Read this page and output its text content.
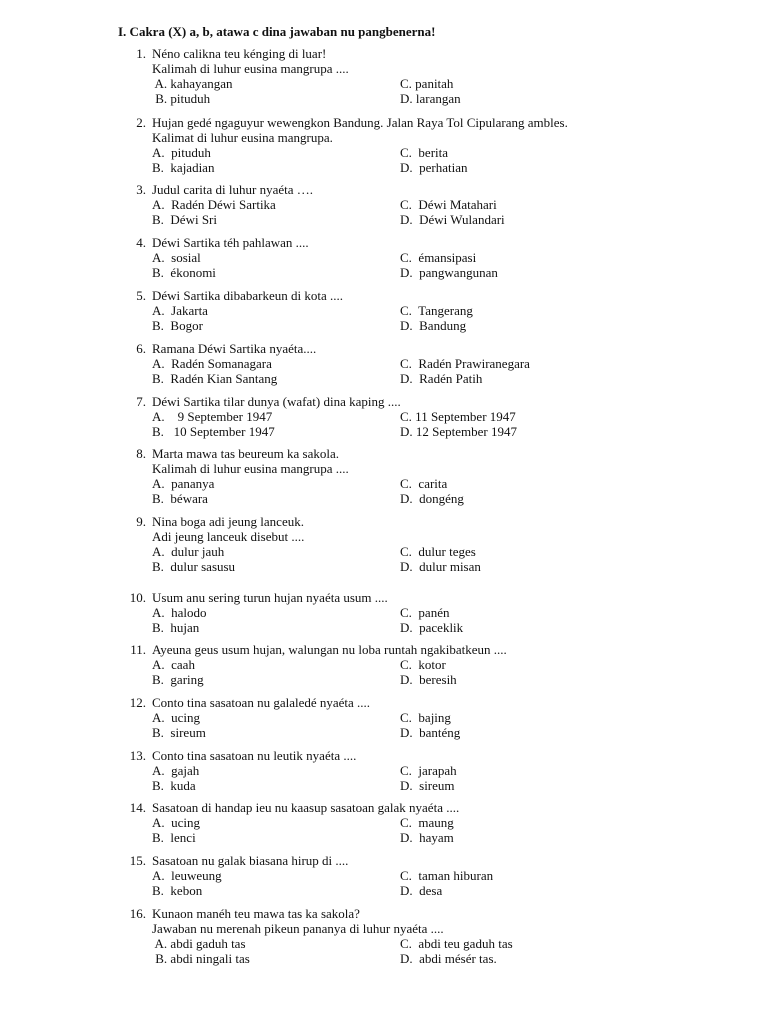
I. Cakra (X) a, b, atawa c dina jawaban nu pangbenerna!
1. Néno calikna teu kénging di luar!
Kalimah di luhur eusina mangrupa ....
A. kahayangan	C. panitah
B. pituduh	D. larangan
2. Hujan gedé ngaguyur wewengkon Bandung. Jalan Raya Tol Cipularang ambles.
Kalimat di luhur eusina mangrupa.
A.  pituduh	C.  berita
B.  kajadian	D.  perhatian
3. Judul carita di luhur nyaéta ….
A.  Radén Déwi Sartika	C.  Déwi Matahari
B.  Déwi Sri	D.  Déwi Wulandari
4. Déwi Sartika téh pahlawan ....
A.  sosial	C.  émansipasi
B.  ékonomi	D.  pangwangunan
5. Déwi Sartika dibabarkeun di kota ....
A.  Jakarta	C.  Tangerang
B.  Bogor	D.  Bandung
6. Ramana Déwi Sartika nyaéta....
A.  Radén Somanagara	C.  Radén Prawiranegara
B.  Radén Kian Santang	D.  Radén Patih
7. Déwi Sartika tilar dunya (wafat) dina kaping ....
A.    9 September 1947	C. 11 September 1947
B.   10 September 1947	D. 12 September 1947
8. Marta mawa tas beureum ka sakola.
Kalimah di luhur eusina mangrupa ....
A.  pananya	C.  carita
B.  béwara	D.  dongéng
9. Nina boga adi jeung lanceuk.
Adi jeung lanceuk disebut ....
A.  dulur jauh	C.  dulur teges
B.  dulur sasusu	D.  dulur misan
10. Usum anu sering turun hujan nyaéta usum ....
A.  halodo	C.  panén
B.  hujan	D.  paceklik
11. Ayeuna geus usum hujan, walungan nu loba runtah ngakibatkeun ....
A.  caah	C.  kotor
B.  garing	D.  beresih
12. Conto tina sasatoan nu galaledé nyaéta ....
A.  ucing	C.  bajing
B.  sireum	D.  banténg
13. Conto tina sasatoan nu leutik nyaéta ....
A.  gajah	C.  jarapah
B.  kuda	D.  sireum
14. Sasatoan di handap ieu nu kaasup sasatoan galak nyaéta ....
A.  ucing	C.  maung
B.  lenci	D.  hayam
15. Sasatoan nu galak biasana hirup di ....
A.  leuweung	C.  taman hiburan
B.  kebon	D.  desa
16. Kunaon manéh teu mawa tas ka sakola?
Jawaban nu merenah pikeun pananya di luhur nyaéta ....
A. abdi gaduh tas	C.  abdi teu gaduh tas
B. abdi ningali tas	D.  abdi mésér tas.
